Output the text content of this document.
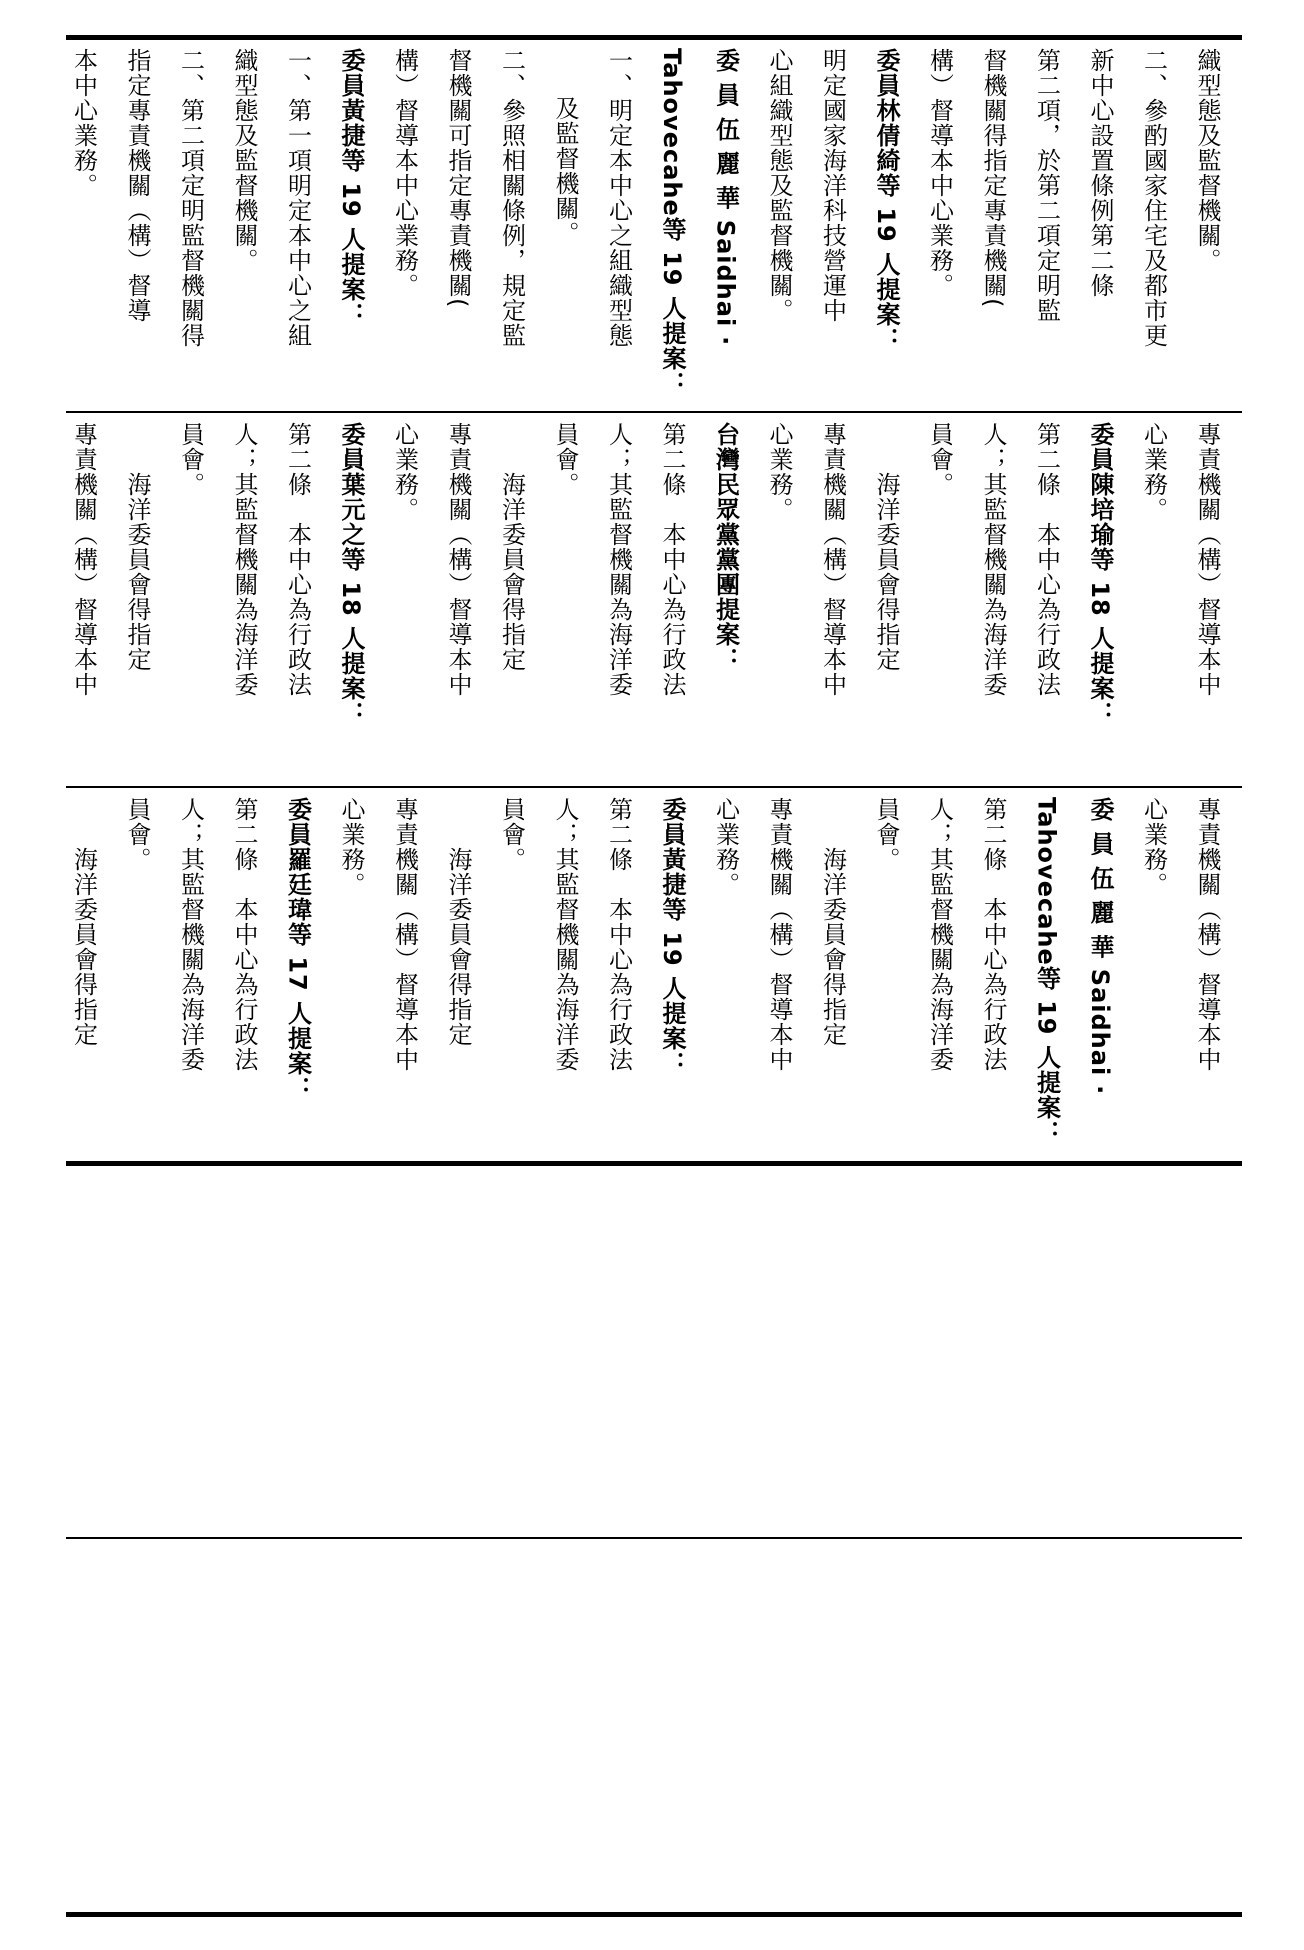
織型態及監督機關。
二、參酌國家住宅及都市更
新中心設置條例第二條
第二項，於第二項定明監
督機關得指定專責機關(
構）督導本中心業務。
委員林倩綺等 19 人提案：
明定國家海洋科技營運中
心組織型態及監督機關。
委 員 伍 麗 華 Saidhai ‧
Tahovecahe等 19 人提案：
一、明定本中心之組織型態
及監督機關。
二、參照相關條例，規定監
督機關可指定專責機關(
構）督導本中心業務。
委員黃捷等 19 人提案：
一、第一項明定本中心之組
織型態及監督機關。
二、第二項定明監督機關得
指定專責機關（構）督導
本中心業務。
專責機關（構）督導本中
心業務。
委員陳培瑜等 18 人提案：
第二條　本中心為行政法
人；其監督機關為海洋委
員會。
　　海洋委員會得指定
專責機關（構）督導本中
心業務。
台灣民眾黨黨團提案：
第二條　本中心為行政法
人；其監督機關為海洋委
員會。
　　海洋委員會得指定
專責機關（構）督導本中
心業務。
委員葉元之等 18 人提案：
第二條　本中心為行政法
人；其監督機關為海洋委
員會。
　　海洋委員會得指定
專責機關（構）督導本中
專責機關（構）督導本中
心業務。
委 員 伍 麗 華 Saidhai ‧
Tahovecahe等 19 人提案：
第二條　本中心為行政法
人；其監督機關為海洋委
員會。
　　海洋委員會得指定
專責機關（構）督導本中
心業務。
委員黃捷等 19 人提案：
第二條　本中心為行政法
人；其監督機關為海洋委
員會。
　　海洋委員會得指定
專責機關（構）督導本中
心業務。
委員羅廷瑋等 17 人提案：
第二條　本中心為行政法
人；其監督機關為海洋委
員會。
　　海洋委員會得指定
